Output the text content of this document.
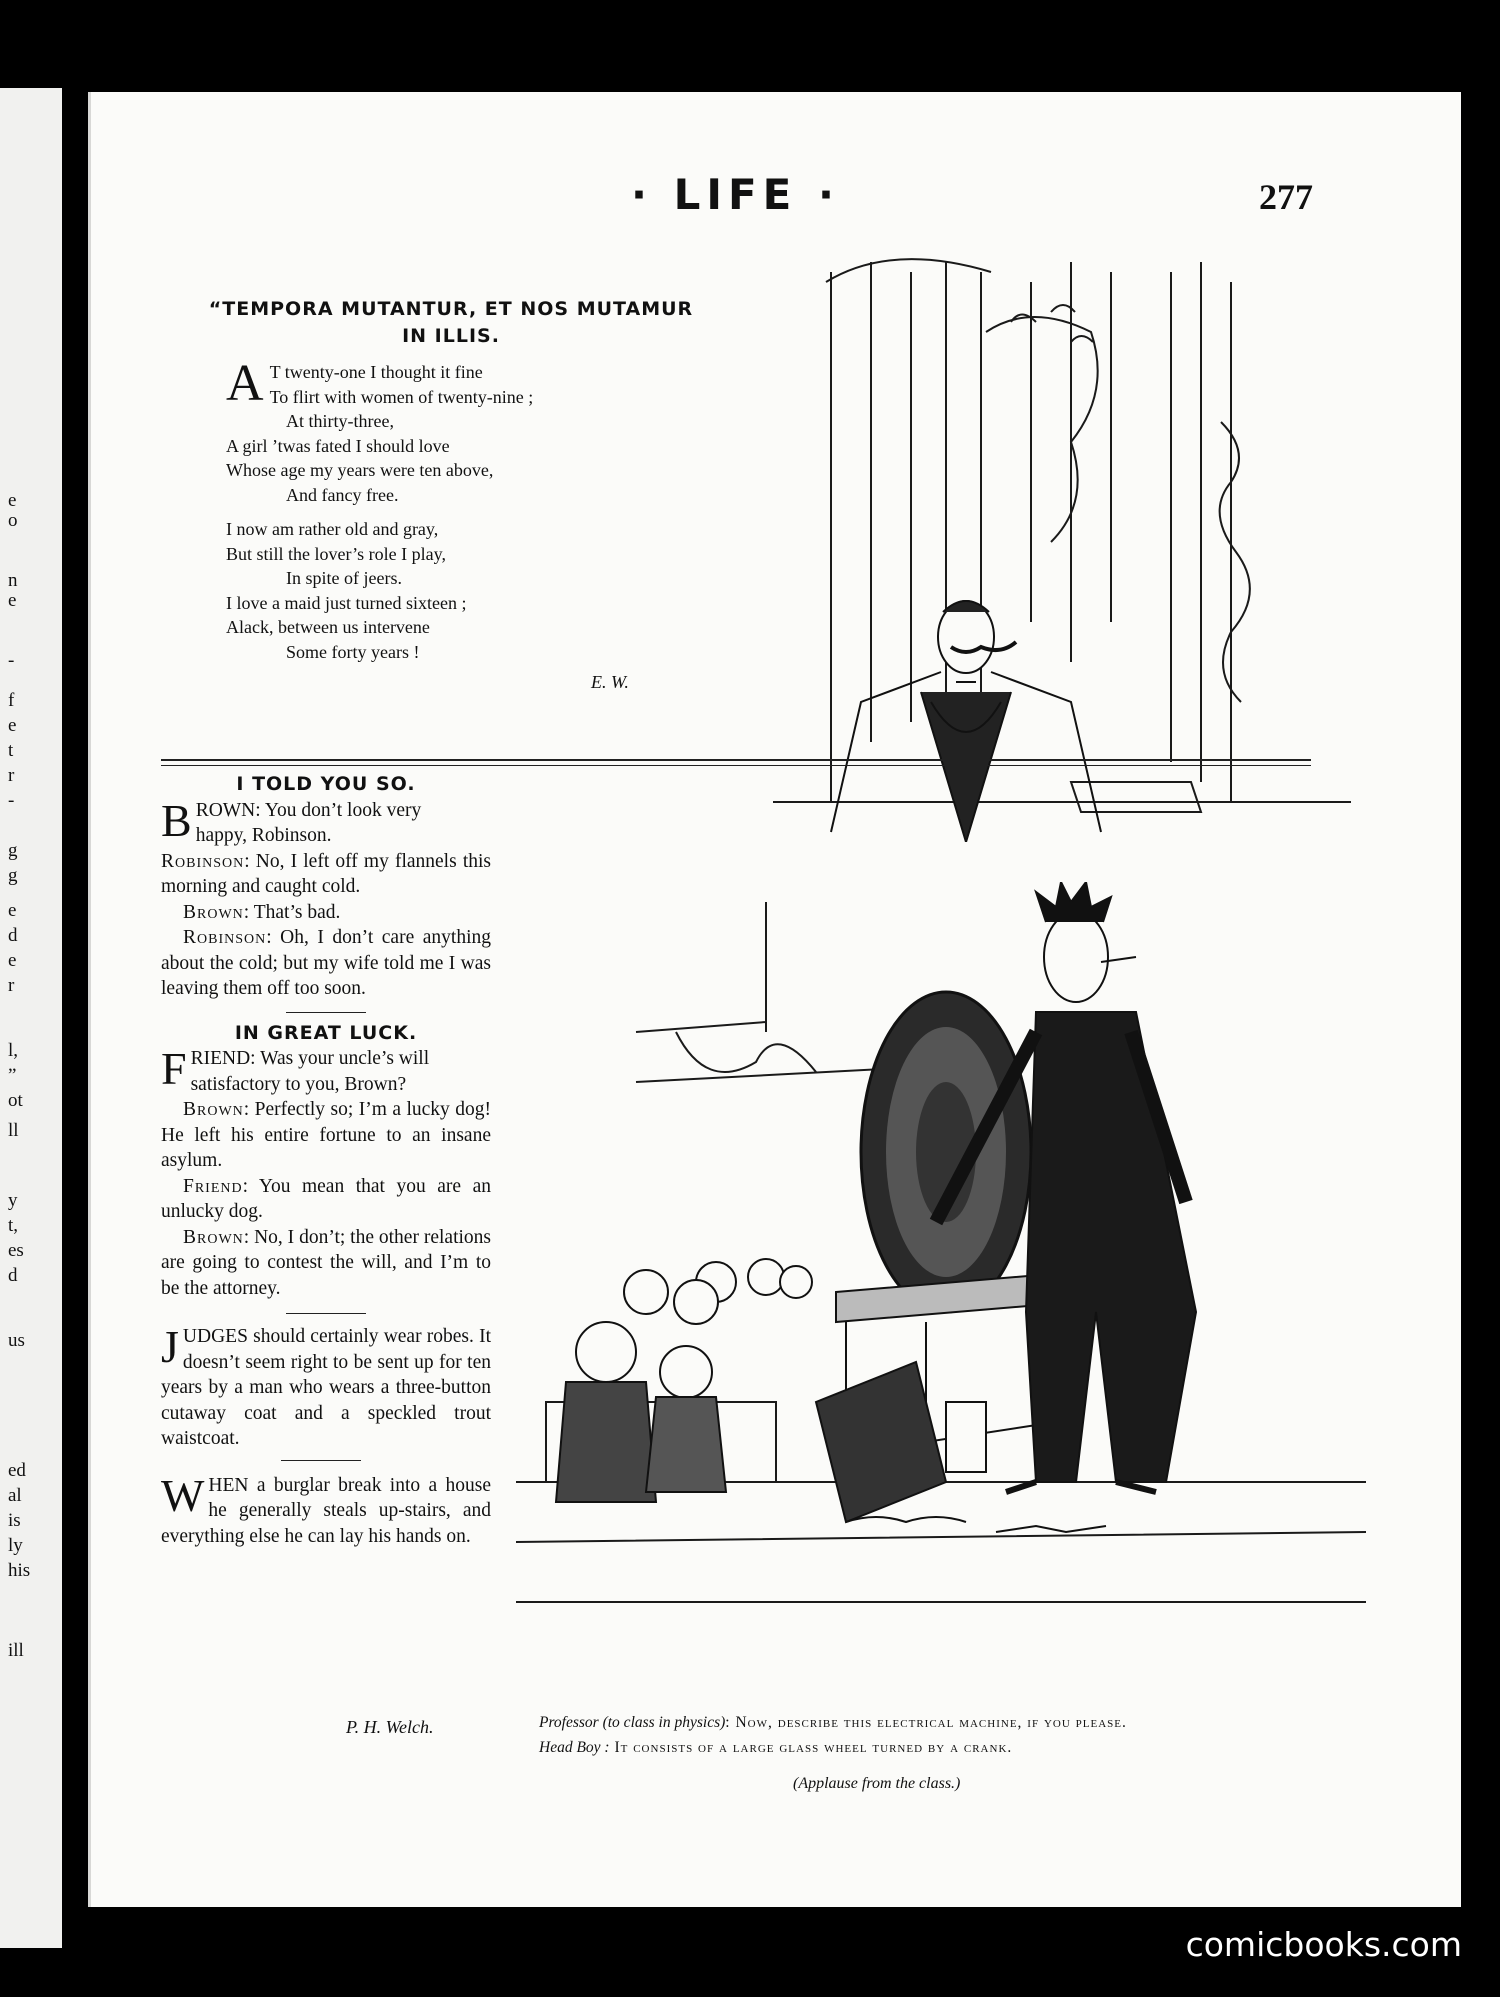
e
o
n
e
-
f
e
t
r
-
g
g
e
d
e
r
l,
”
ot
ll
y
t,
es
d
us
ed
al
is
ly
his
ill
· LIFE ·	277
“TEMPORA MUTANTUR, ET NOS MUTAMUR
IN ILLIS.
A T twenty-one I thought it fine
To flirt with women of twenty-nine ;
At thirty-three,
A girl ’twas fated I should love
Whose age my years were ten above,
And fancy free.
I now am rather old and gray,
But still the lover’s role I play,
In spite of jeers.
I love a maid just turned sixteen ;
Alack, between us intervene
Some forty years !
E. W.
I TOLD YOU SO.
BROWN: You don’t look very
happy, Robinson.
Robinson: No, I left off my flannels this morning and caught cold.
Brown: That’s bad.
Robinson: Oh, I don’t care anything about the cold; but my wife told me I was leaving them off too soon.
IN GREAT LUCK.
FRIEND: Was your uncle’s will
satisfactory to you, Brown?
Brown: Perfectly so; I’m a lucky dog! He left his entire fortune to an insane asylum.
Friend: You mean that you are an unlucky dog.
Brown: No, I don’t; the other relations are going to contest the will, and I’m to be the attorney.
JUDGES should certainly wear robes. It doesn’t seem right to be sent up for ten years by a man who wears a three-button cutaway coat and a speckled trout waistcoat.
WHEN a burglar break into a house he generally steals up-stairs, and everything else he can lay his hands on.
P. H. Welch.	Professor (to class in physics): Now, describe this electrical machine, if you please.
Head Boy : It consists of a large glass wheel turned by a crank.
(Applause from the class.)
comicbooks.com
